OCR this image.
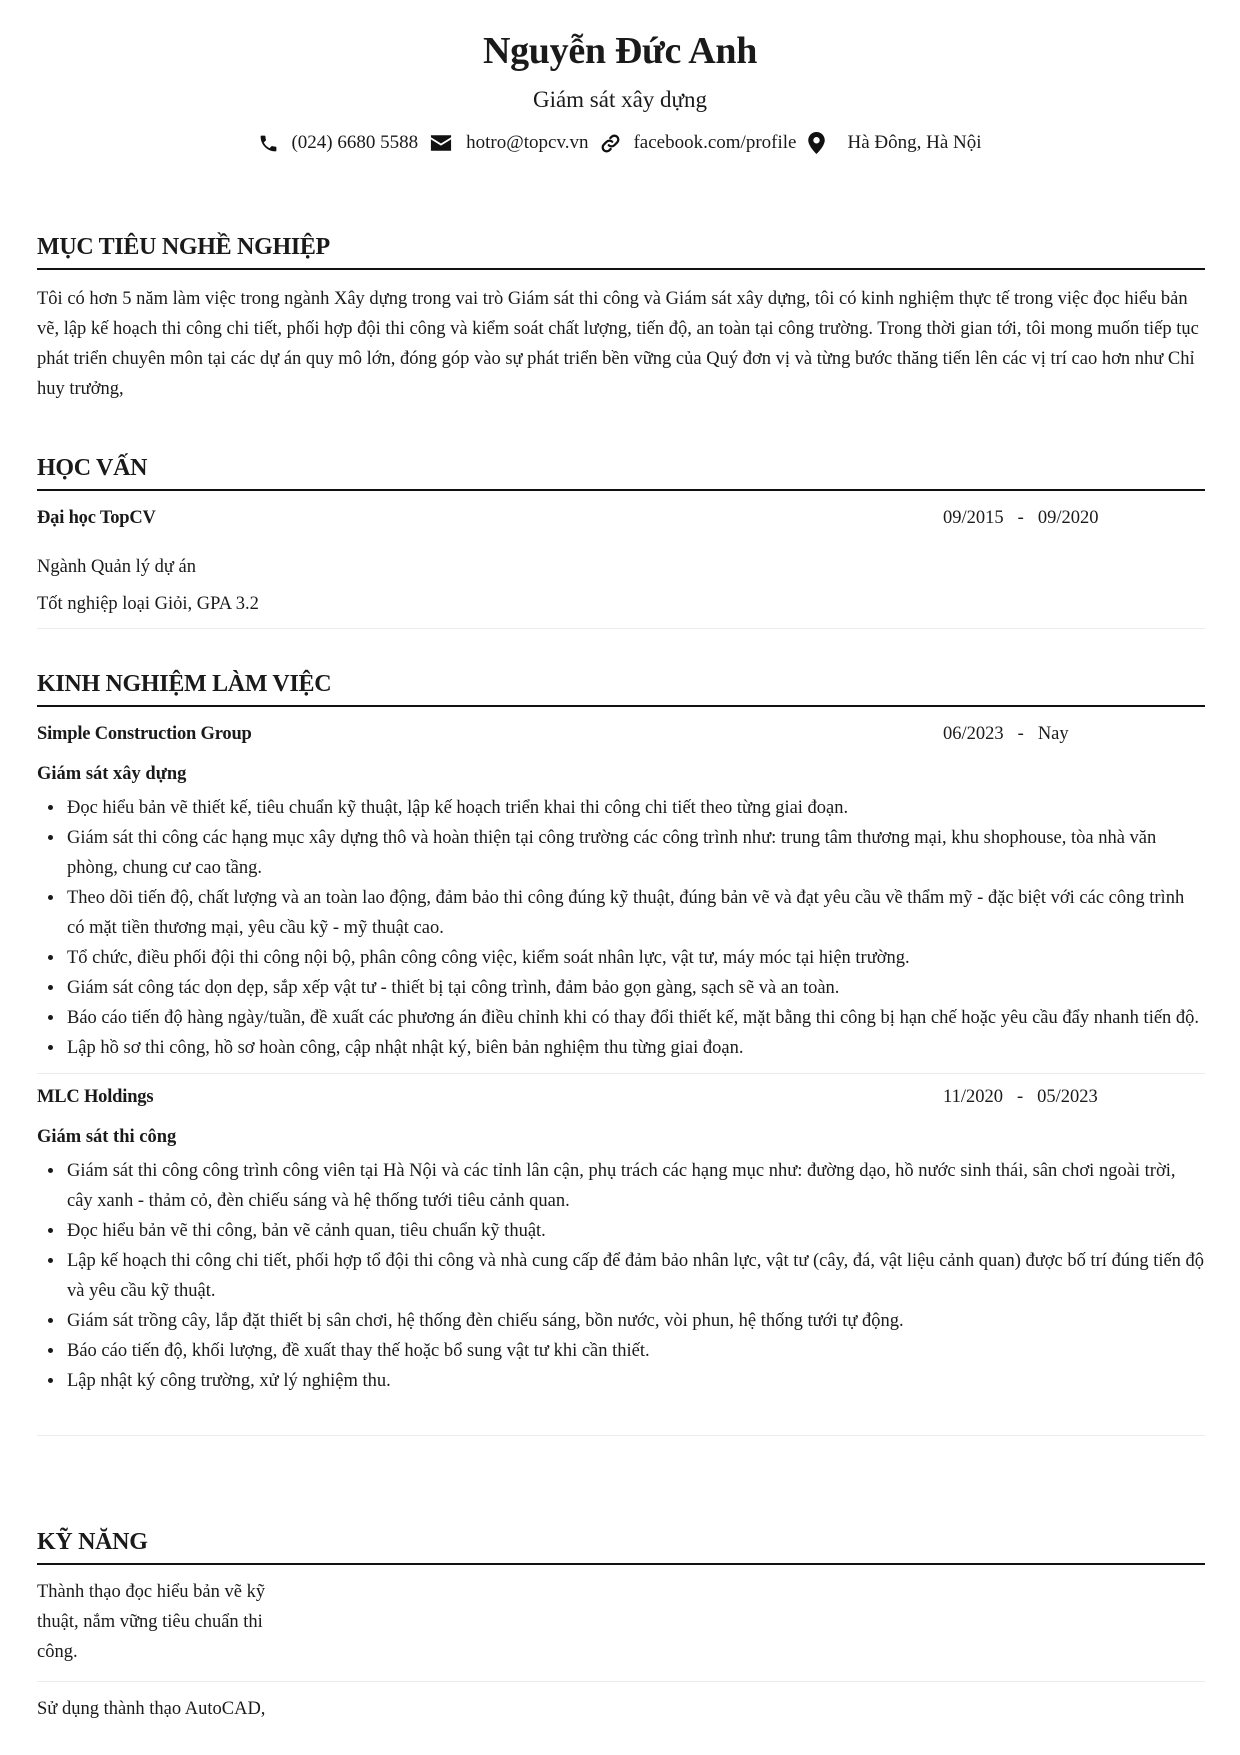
Nguyễn Đức Anh
Giám sát xây dựng
(024) 6680 5588	hotro@topcv.vn facebook.com/profile	Hà Đông, Hà Nội
MỤC TIÊU NGHỀ NGHIỆP
Tôi có hơn 5 năm làm việc trong ngành Xây dựng trong vai trò Giám sát thi công và Giám sát xây dựng, tôi có kinh nghiệm thực tế trong việc đọc hiểu bản vẽ, lập kế hoạch thi công chi tiết, phối hợp đội thi công và kiểm soát chất lượng, tiến độ, an toàn tại công trường. Trong thời gian tới, tôi mong muốn tiếp tục phát triển chuyên môn tại các dự án quy mô lớn, đóng góp vào sự phát triển bền vững của Quý đơn vị và từng bước thăng tiến lên các vị trí cao hơn như Chỉ huy trưởng,
HỌC VẤN
Đại học TopCV	09/2015 - 09/2020
Ngành Quản lý dự án
Tốt nghiệp loại Giỏi, GPA 3.2
KINH NGHIỆM LÀM VIỆC
Simple Construction Group	06/2023 - Nay
Giám sát xây dựng
• Đọc hiểu bản vẽ thiết kế, tiêu chuẩn kỹ thuật, lập kế hoạch triển khai thi công chi tiết theo từng giai đoạn.
• Giám sát thi công các hạng mục xây dựng thô và hoàn thiện tại công trường các công trình như: trung tâm thương mại, khu shophouse, tòa nhà văn phòng, chung cư cao tầng.
• Theo dõi tiến độ, chất lượng và an toàn lao động, đảm bảo thi công đúng kỹ thuật, đúng bản vẽ và đạt yêu cầu về thẩm mỹ - đặc biệt với các công trình có mặt tiền thương mại, yêu cầu kỹ - mỹ thuật cao.
• Tổ chức, điều phối đội thi công nội bộ, phân công công việc, kiểm soát nhân lực, vật tư, máy móc tại hiện trường.
• Giám sát công tác dọn dẹp, sắp xếp vật tư - thiết bị tại công trình, đảm bảo gọn gàng, sạch sẽ và an toàn.
• Báo cáo tiến độ hàng ngày/tuần, đề xuất các phương án điều chỉnh khi có thay đổi thiết kế, mặt bằng thi công bị hạn chế hoặc yêu cầu đẩy nhanh tiến độ.
• Lập hồ sơ thi công, hồ sơ hoàn công, cập nhật nhật ký, biên bản nghiệm thu từng giai đoạn.
MLC Holdings	11/2020 - 05/2023
Giám sát thi công
• Giám sát thi công công trình công viên tại Hà Nội và các tỉnh lân cận, phụ trách các hạng mục như: đường dạo, hồ nước sinh thái, sân chơi ngoài trời, cây xanh - thảm cỏ, đèn chiếu sáng và hệ thống tưới tiêu cảnh quan.
• Đọc hiểu bản vẽ thi công, bản vẽ cảnh quan, tiêu chuẩn kỹ thuật.
• Lập kế hoạch thi công chi tiết, phối hợp tổ đội thi công và nhà cung cấp để đảm bảo nhân lực, vật tư (cây, đá, vật liệu cảnh quan) được bố trí đúng tiến độ và yêu cầu kỹ thuật.
• Giám sát trồng cây, lắp đặt thiết bị sân chơi, hệ thống đèn chiếu sáng, bồn nước, vòi phun, hệ thống tưới tự động.
• Báo cáo tiến độ, khối lượng, đề xuất thay thế hoặc bổ sung vật tư khi cần thiết.
• Lập nhật ký công trường, xử lý nghiệm thu.
KỸ NĂNG
Thành thạo đọc hiểu bản vẽ kỹ thuật, nắm vững tiêu chuẩn thi công.
Sử dụng thành thạo AutoCAD,
